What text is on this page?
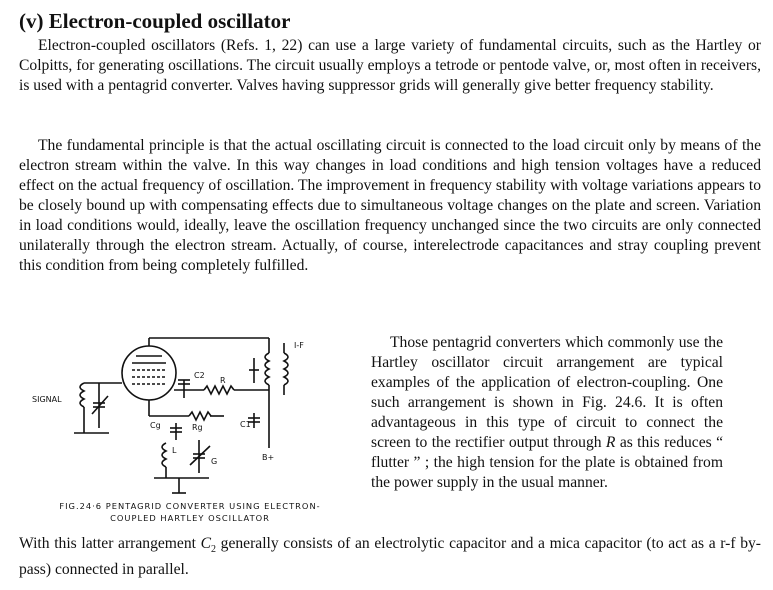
(v) Electron-coupled oscillator

Electron-coupled oscillators (Refs. 1, 22) can use a large variety of fundamental circuits, such as the Hartley or Colpitts, for generating oscillations. The circuit usually employs a tetrode or pentode valve, or, most often in receivers, is used with a pentagrid converter. Valves having suppressor grids will generally give better frequency stability.

The fundamental principle is that the actual oscillating circuit is connected to the load circuit only by means of the electron stream within the valve. In this way changes in load conditions and high tension voltages have a reduced effect on the actual frequency of oscillation. The improvement in frequency stability with voltage variations appears to be closely bound up with compensating effects due to simultaneous voltage changes on the plate and screen. Variation in load conditions would, ideally, leave the oscillation frequency unchanged since the two circuits are only connected unilaterally through the electron stream. Actually, of course, interelectrode capacitances and stray coupling prevent this condition from being completely fulfilled.

SIGNAL
I-F
C2
R
C1
Cg	Rg
L
G	B+
FIG.24·6 PENTAGRID CONVERTER USING ELECTRON-
COUPLED HARTLEY OSCILLATOR

Those pentagrid converters which commonly use the Hartley oscillator circuit arrangement are typical examples of the application of electron-coupling. One such arrangement is shown in Fig. 24.6. It is often advantageous in this type of circuit to connect the screen to the rectifier output through R as this reduces “ flutter ” ; the high tension for the plate is obtained from the power supply in the usual manner.

With this latter arrangement $C_2$ generally consists of an electrolytic capacitor and a mica capacitor (to act as a r-f by-pass) connected in parallel.
